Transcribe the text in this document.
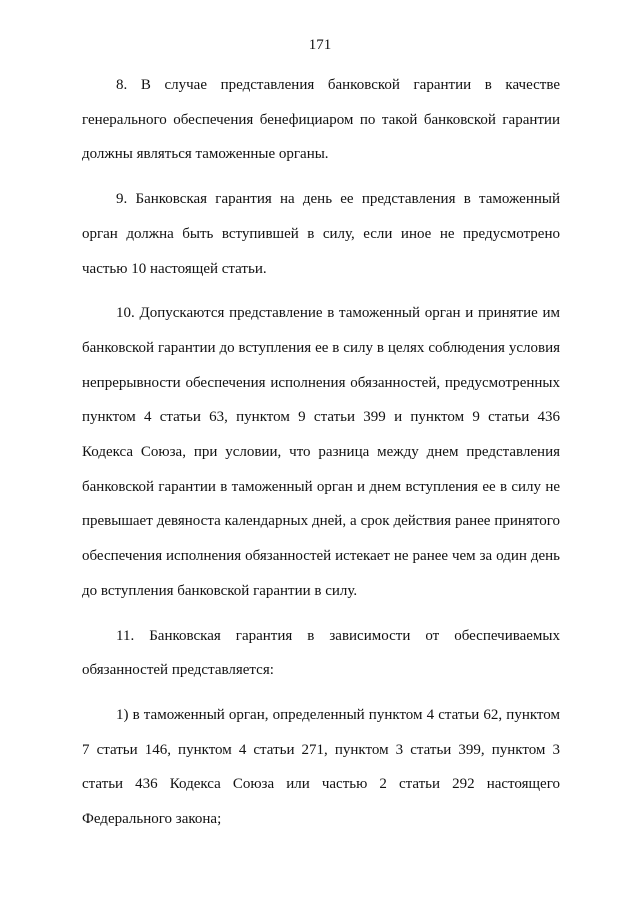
171

8. В случае представления банковской гарантии в качестве генерального обеспечения бенефициаром по такой банковской гарантии должны являться таможенные органы.

9. Банковская гарантия на день ее представления в таможенный орган должна быть вступившей в силу, если иное не предусмотрено частью 10 настоящей статьи.

10. Допускаются представление в таможенный орган и принятие им банковской гарантии до вступления ее в силу в целях соблюдения условия непрерывности обеспечения исполнения обязанностей, предусмотренных пунктом 4 статьи 63, пунктом 9 статьи 399 и пунктом 9 статьи 436 Кодекса Союза, при условии, что разница между днем представления банковской гарантии в таможенный орган и днем вступления ее в силу не превышает девяноста календарных дней, а срок действия ранее принятого обеспечения исполнения обязанностей истекает не ранее чем за один день до вступления банковской гарантии в силу.

11. Банковская гарантия в зависимости от обеспечиваемых обязанностей представляется:

1) в таможенный орган, определенный пунктом 4 статьи 62, пунктом 7 статьи 146, пунктом 4 статьи 271, пунктом 3 статьи 399, пунктом 3 статьи 436 Кодекса Союза или частью 2 статьи 292 настоящего Федерального закона;
